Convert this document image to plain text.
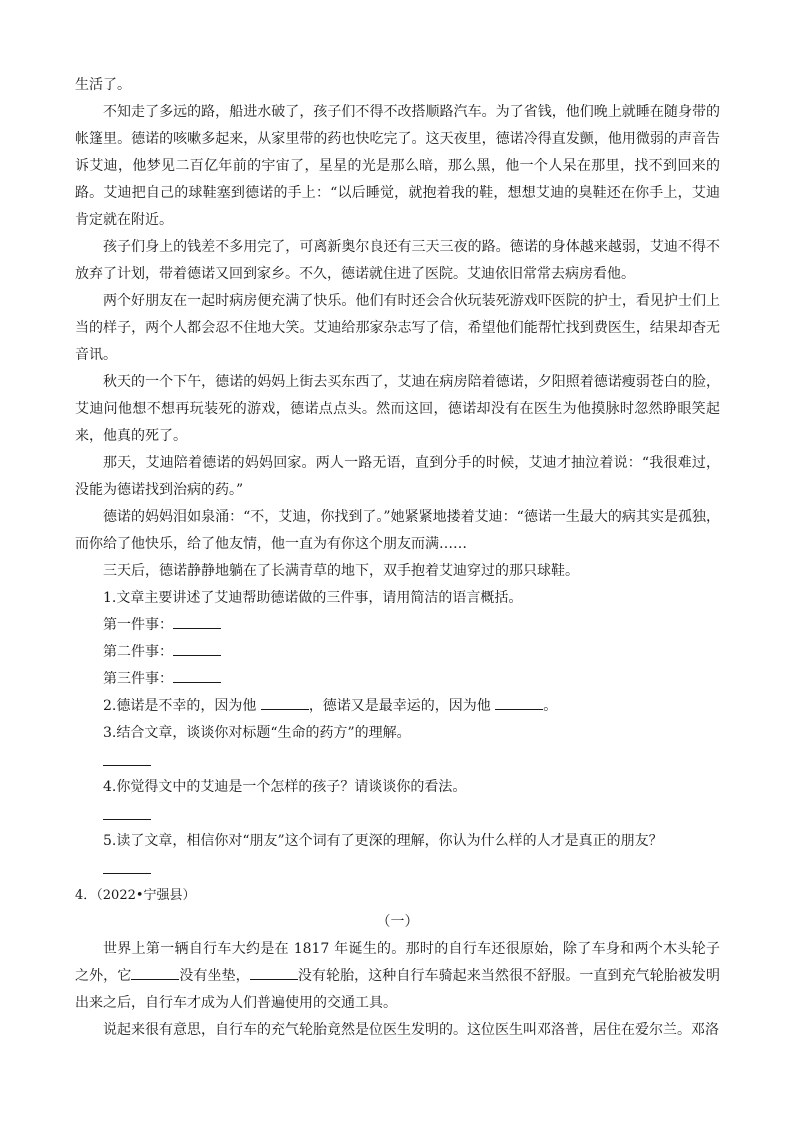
生活了。

不知走了多远的路，船进水破了，孩子们不得不改搭顺路汽车。为了省钱，他们晚上就睡在随身带的帐篷里。德诺的咳嗽多起来，从家里带的药也快吃完了。这天夜里，德诺冷得直发颤，他用微弱的声音告诉艾迪，他梦见二百亿年前的宇宙了，星星的光是那么暗，那么黑，他一个人呆在那里，找不到回来的路。艾迪把自己的球鞋塞到德诺的手上：“以后睡觉，就抱着我的鞋，想想艾迪的臭鞋还在你手上，艾迪肯定就在附近。

孩子们身上的钱差不多用完了，可离新奥尔良还有三天三夜的路。德诺的身体越来越弱，艾迪不得不放弃了计划，带着德诺又回到家乡。不久，德诺就住进了医院。艾迪依旧常常去病房看他。

两个好朋友在一起时病房便充满了快乐。他们有时还会合伙玩装死游戏吓医院的护士，看见护士们上当的样子，两个人都会忍不住地大笑。艾迪给那家杂志写了信，希望他们能帮忙找到费医生，结果却杳无音讯。

秋天的一个下午，德诺的妈妈上街去买东西了，艾迪在病房陪着德诺，夕阳照着德诺瘦弱苍白的脸，艾迪问他想不想再玩装死的游戏，德诺点点头。然而这回，德诺却没有在医生为他摸脉时忽然睁眼笑起来，他真的死了。

那天，艾迪陪着德诺的妈妈回家。两人一路无语，直到分手的时候，艾迪才抽泣着说：“我很难过，没能为德诺找到治病的药。”

德诺的妈妈泪如泉涌：“不，艾迪，你找到了。”她紧紧地搂着艾迪：“德诺一生最大的病其实是孤独，而你给了他快乐，给了他友情，他一直为有你这个朋友而满……

三天后，德诺静静地躺在了长满青草的地下，双手抱着艾迪穿过的那只球鞋。

1.文章主要讲述了艾迪帮助德诺做的三件事，请用简洁的语言概括。

第一件事：

第二件事：

第三件事：

2.德诺是不幸的，因为他	，德诺又是最幸运的，因为他	。

3.结合文章，谈谈你对标题“生命的药方”的理解。

4.你觉得文中的艾迪是一个怎样的孩子？请谈谈你的看法。

5.读了文章，相信你对“朋友”这个词有了更深的理解，你认为什么样的人才是真正的朋友？

4．（2022•宁强县）

（一）

世界上第一辆自行车大约是在 1817 年诞生的。那时的自行车还很原始，除了车身和两个木头轮子之外，它	没有坐垫，	没有轮胎，这种自行车骑起来当然很不舒服。一直到充气轮胎被发明出来之后，自行车才成为人们普遍使用的交通工具。

说起来很有意思，自行车的充气轮胎竟然是位医生发明的。这位医生叫邓洛普，居住在爱尔兰。邓洛
